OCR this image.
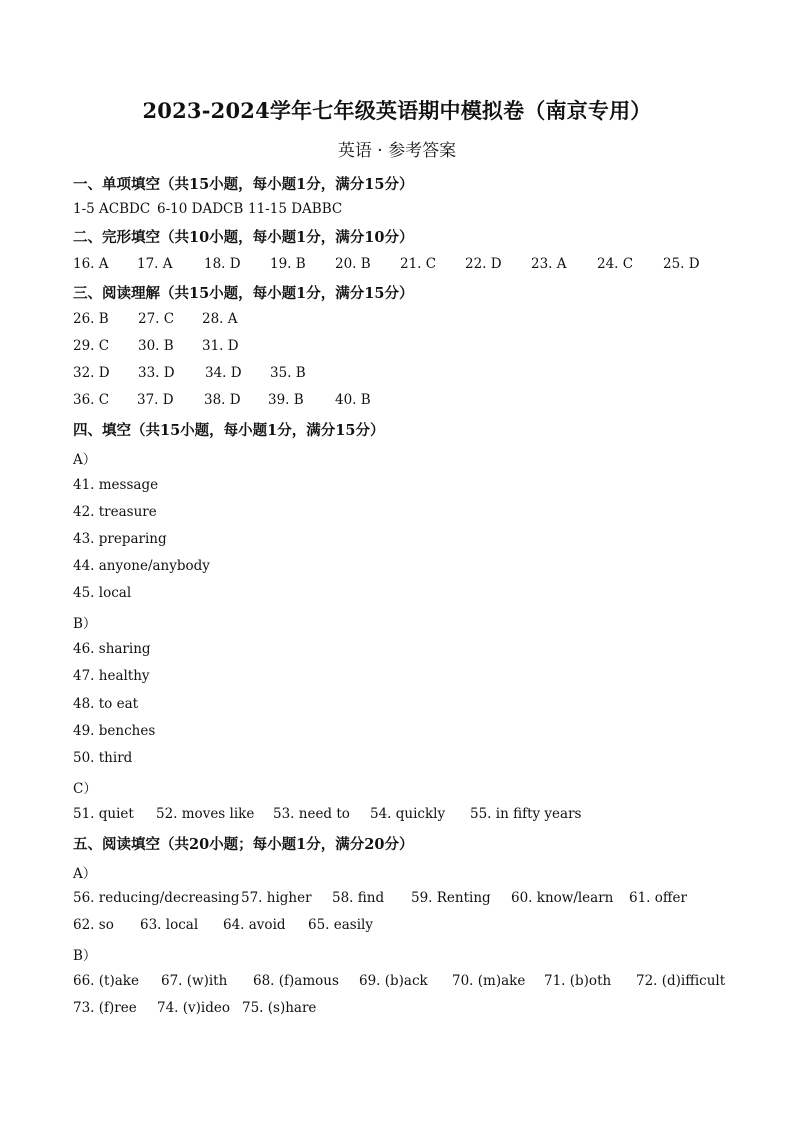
2023-2024学年七年级英语期中模拟卷（南京专用）
英语 · 参考答案
一、单项填空（共15小题，每小题1分，满分15分）
1-5 ACBDC 6-10 DADCB 11-15 DABBC
二、完形填空（共10小题，每小题1分，满分10分）
16. A 17. A 18. D 19. B 20. B 21. C 22. D 23. A 24. C 25. D
三、阅读理解（共15小题，每小题1分，满分15分）
26. B 27. C 28. A
29. C 30. B 31. D
32. D 33. D 34. D 35. B
36. C 37. D 38. D 39. B 40. B
四、填空（共15小题，每小题1分，满分15分）
A）
41. message
42. treasure
43. preparing
44. anyone/anybody
45. local
B）
46. sharing
47. healthy
48. to eat
49. benches
50. third
C）
51. quiet 52. moves like 53. need to 54. quickly 55. in fifty years
五、阅读填空（共20小题；每小题1分，满分20分）
A）
56. reducing/decreasing57. higher 58. find 59. Renting 60. know/learn 61. offer
62. so 63. local 64. avoid 65. easily
B）
66. (t)ake 67. (w)ith 68. (f)amous 69. (b)ack 70. (m)ake 71. (b)oth 72. (d)ifficult
73. (f)ree 74. (v)ideo 75. (s)hare
